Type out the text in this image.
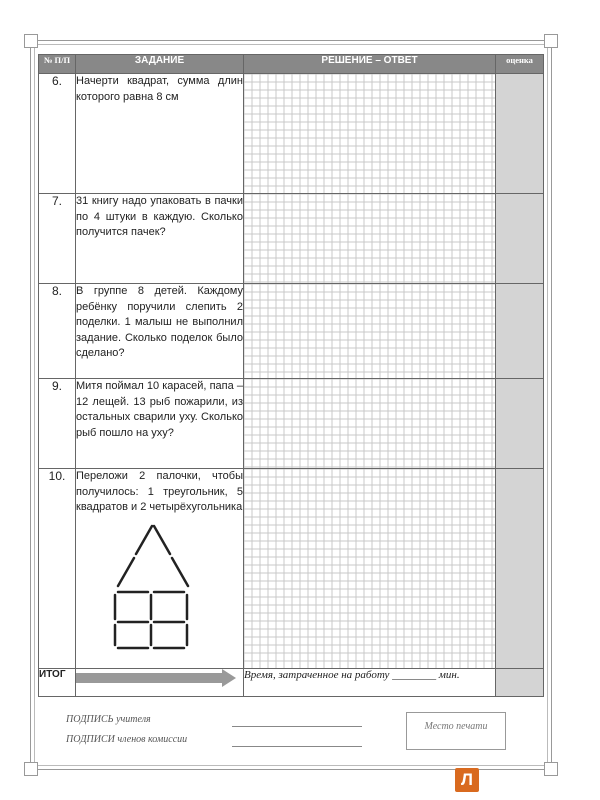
№ П/П	ЗАДАНИЕ	РЕШЕНИЕ – ОТВЕТ	оценка
6.	Начерти квадрат, сумма длин которого равна 8 см		
7.	31 книгу надо упаковать в пачки по 4 штуки в каждую. Сколько получится пачек?		
8.	В группе 8 детей. Каждому ребёнку поручили слепить 2 поделки. 1 малыш не выполнил задание. Сколько поделок было сделано?		
9.	Митя поймал 10 карасей, папа – 12 лещей. 13 рыб пожарили, из остальных сварили уху. Сколько рыб пошло на уху?		
10.	Переложи 2 палочки, чтобы получилось: 1 треугольник, 5 квадратов и 2 четырёхугольника		

ИТОГ		Время, затраченное на работу ________ мин.	
ПОДПИСЬ учителя
ПОДПИСИ членов комиссии
Место печати
Л
